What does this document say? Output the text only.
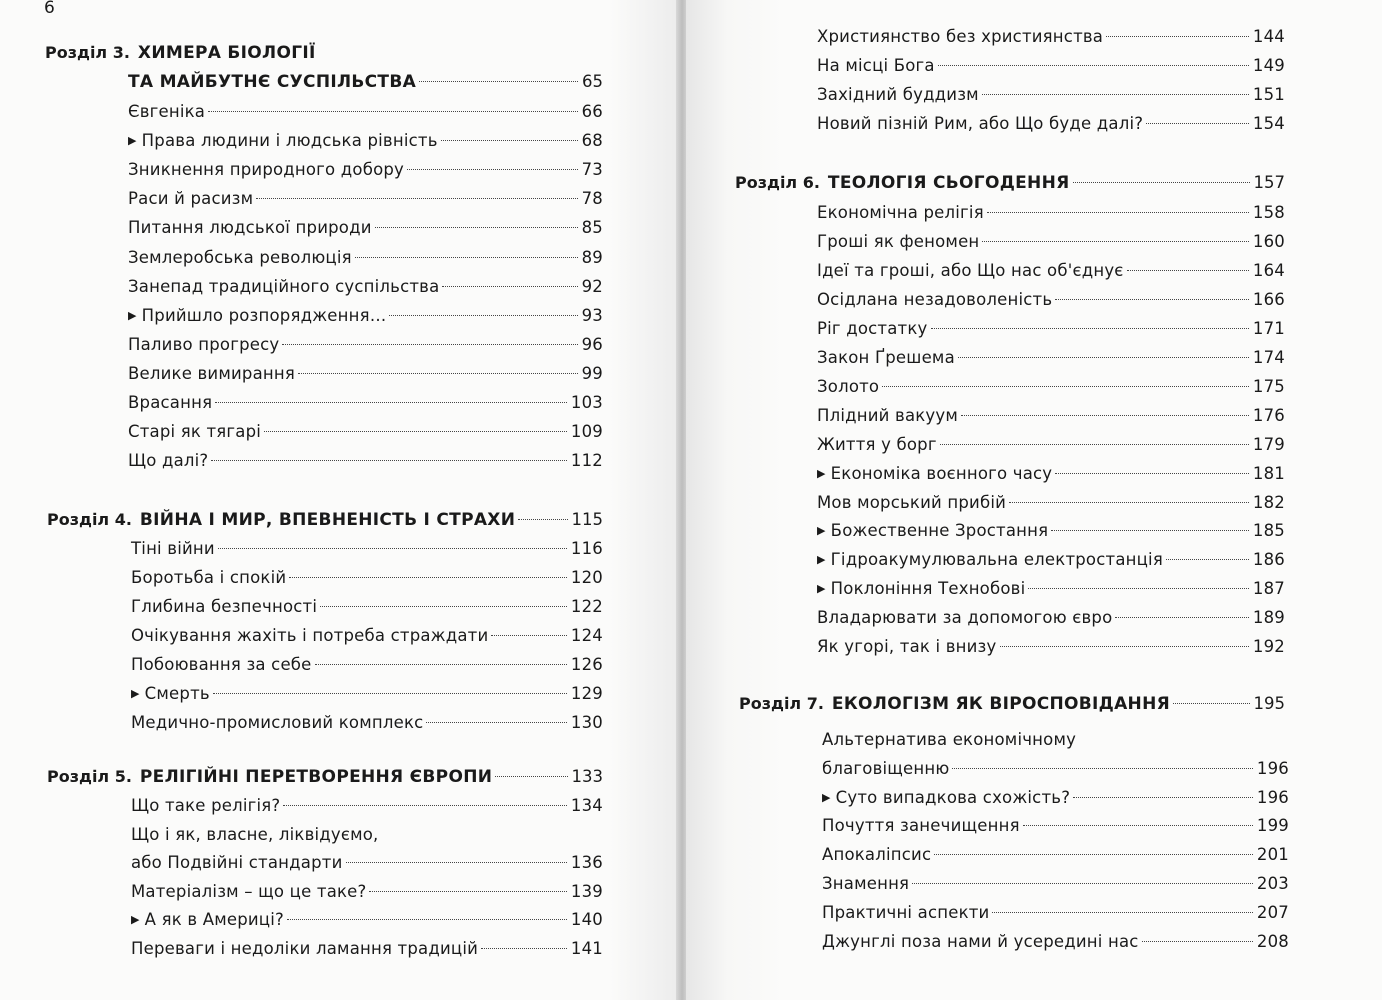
6
Розділ 3. ХИМЕРА БІОЛОГІЇ
ТА МАЙБУТНЄ СУСПІЛЬСТВА	65
Євгеніка	66
▶ Права людини і людська рівність	68
Зникнення природного добору	73
Раси й расизм	78
Питання людської природи	85
Землеробська революція	89
Занепад традиційного суспільства	92
▶ Прийшло розпорядження…	93
Паливо прогресу	96
Велике вимирання	99
Врасання	103
Старі як тягарі	109
Що далі?	112
Розділ 4. ВІЙНА І МИР, ВПЕВНЕНІСТЬ І СТРАХИ	115
Тіні війни	116
Боротьба і спокій	120
Глибина безпечності	122
Очікування жахіть і потреба страждати	124
Побоювання за себе	126
▶ Смерть	129
Медично-промисловий комплекс	130
Розділ 5. РЕЛІГІЙНІ ПЕРЕТВОРЕННЯ ЄВРОПИ	133
Що таке релігія?	134
Що і як, власне, ліквідуємо,
або Подвійні стандарти	136
Матеріалізм – що це таке?	139
▶ А як в Америці?	140
Переваги і недоліки ламання традицій	141
Християнство без християнства	144
На місці Бога	149
Західний буддизм	151
Новий пізній Рим, або Що буде далі?	154
Розділ 6. ТЕОЛОГІЯ СЬОГОДЕННЯ	157
Економічна релігія	158
Гроші як феномен	160
Ідеї та гроші, або Що нас об'єднує	164
Осідлана незадоволеність	166
Ріг достатку	171
Закон Ґрешема	174
Золото	175
Плідний вакуум	176
Життя у борг	179
▶ Економіка воєнного часу	181
Мов морський прибій	182
▶ Божественне Зростання	185
▶ Гідроакумулювальна електростанція	186
▶ Поклоніння Технобові	187
Владарювати за допомогою євро	189
Як угорі, так і внизу	192
Розділ 7. ЕКОЛОГІЗМ ЯК ВІРОСПОВІДАННЯ	195
Альтернатива економічному
благовіщенню	196
▶ Суто випадкова схожість?	196
Почуття занечищення	199
Апокаліпсис	201
Знамення	203
Практичні аспекти	207
Джунглі поза нами й усередині нас	208
